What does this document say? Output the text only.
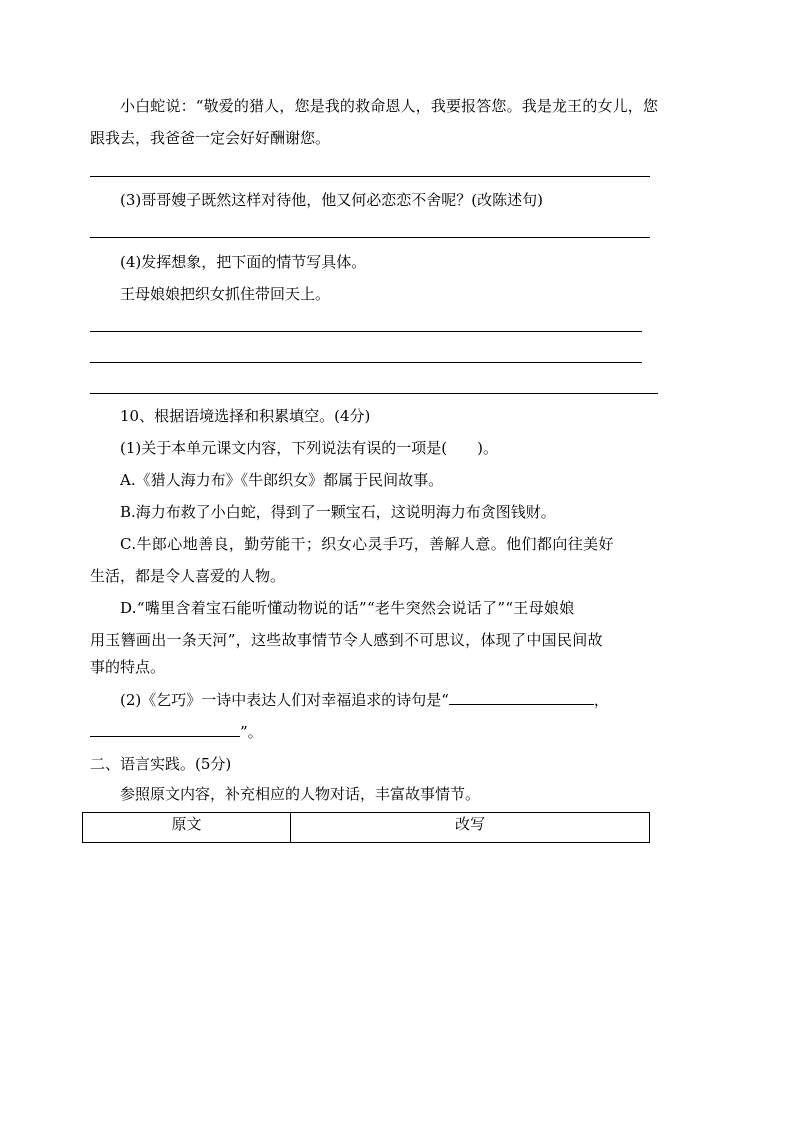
小白蛇说：“敬爱的猎人，您是我的救命恩人，我要报答您。我是龙王的女儿，您
跟我去，我爸爸一定会好好酬谢您。
(3)哥哥嫂子既然这样对待他，他又何必恋恋不舍呢？(改陈述句)
(4)发挥想象，把下面的情节写具体。
王母娘娘把织女抓住带回天上。
10、根据语境选择和积累填空。(4分)
(1)关于本单元课文内容，下列说法有误的一项是(　　)。
A.《猎人海力布》《牛郎织女》都属于民间故事。
B.海力布救了小白蛇，得到了一颗宝石，这说明海力布贪图钱财。
C.牛郎心地善良，勤劳能干；织女心灵手巧，善解人意。他们都向往美好
生活，都是令人喜爱的人物。
D.“嘴里含着宝石能听懂动物说的话”“老牛突然会说话了”“王母娘娘
用玉簪画出一条天河”，这些故事情节令人感到不可思议，体现了中国民间故
事的特点。
(2)《乞巧》一诗中表达人们对幸福追求的诗句是“	，
”。
二、语言实践。(5分)
参照原文内容，补充相应的人物对话，丰富故事情节。
原文	改写
